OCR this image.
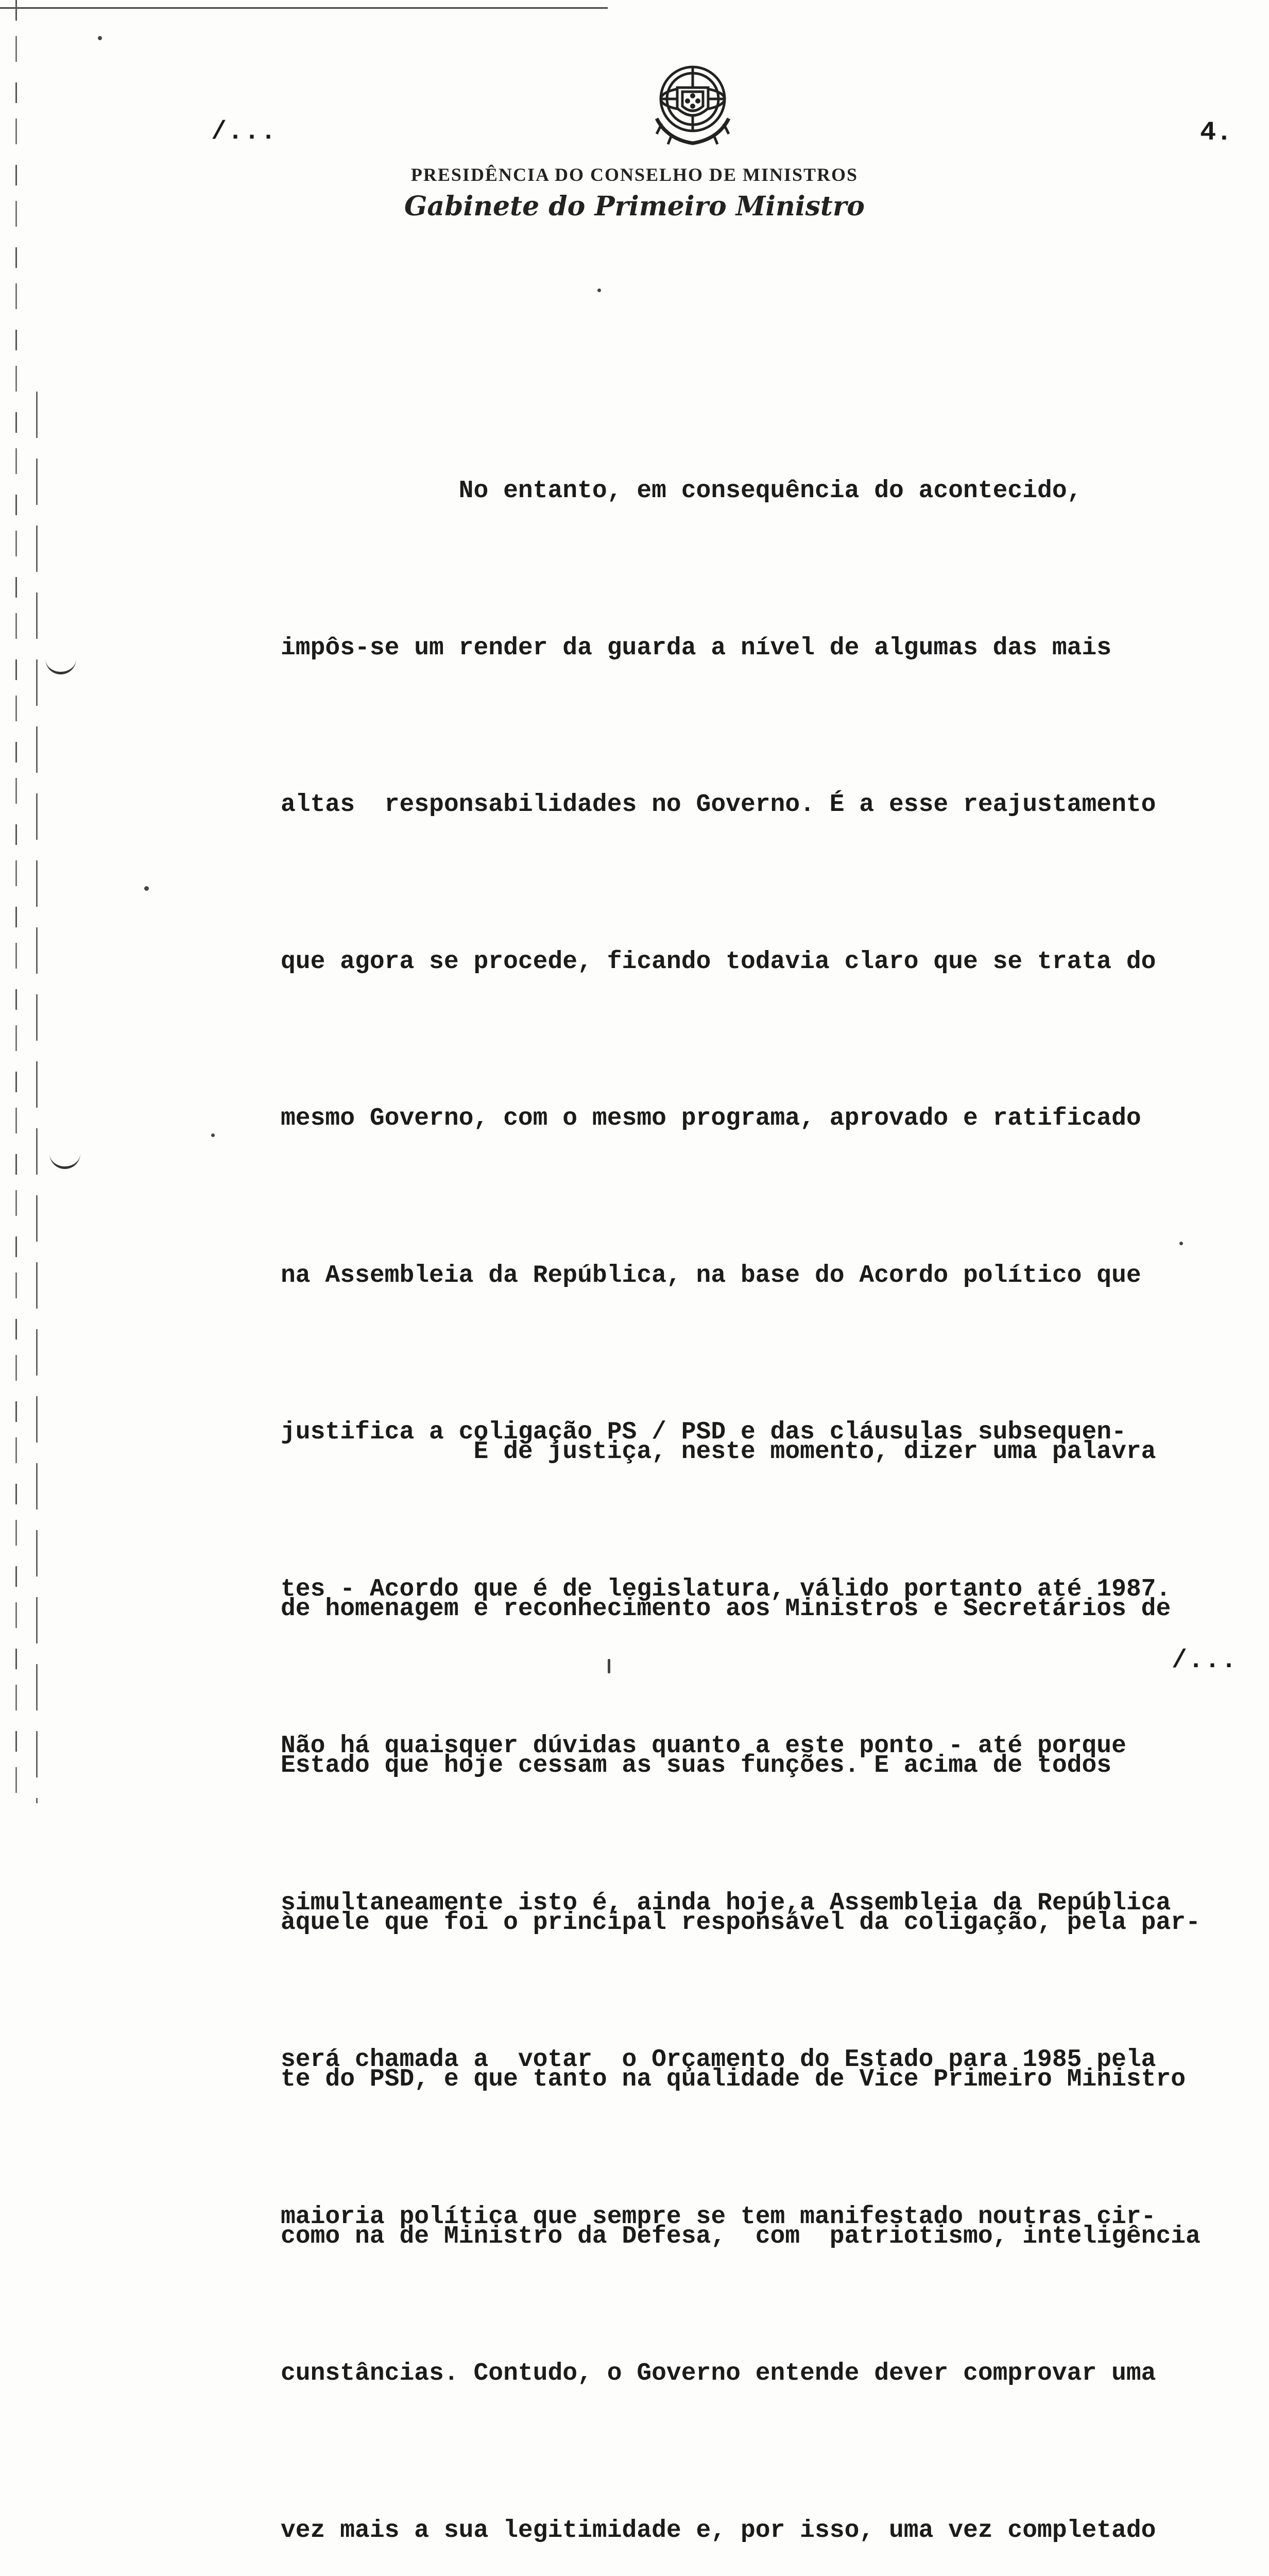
/...	4.
PRESIDÊNCIA DO CONSELHO DE MINISTROS
Gabinete do Primeiro Ministro

No entanto, em consequência do acontecido,

impôs-se um render da guarda a nível de algumas das mais

altas  responsabilidades no Governo. É a esse reajustamento

que agora se procede, ficando todavia claro que se trata do

mesmo Governo, com o mesmo programa, aprovado e ratificado

na Assembleia da República, na base do Acordo político que

justifica a coligação PS / PSD e das cláusulas subsequen-

tes - Acordo que é de legislatura, válido portanto até 1987.

Não há quaisquer dúvidas quanto a este ponto - até porque

simultaneamente isto é, ainda hoje,a Assembleia da República

será chamada a  votar  o Orçamento do Estado para 1985 pela

maioria política que sempre se tem manifestado noutras cir-

cunstâncias. Contudo, o Governo entende dever comprovar uma

vez mais a sua legitimidade e, por isso, uma vez completado

É de justiça, neste momento, dizer uma palavra

de homenagem e reconhecimento aos Ministros e Secretários de

Estado que hoje cessam as suas funções. E acima de todos

àquele que foi o principal responsável da coligação, pela par-

te do PSD, e que tanto na qualidade de Vice Primeiro Ministro

como na de Ministro da Defesa,  com  patriotismo, inteligência

/...
